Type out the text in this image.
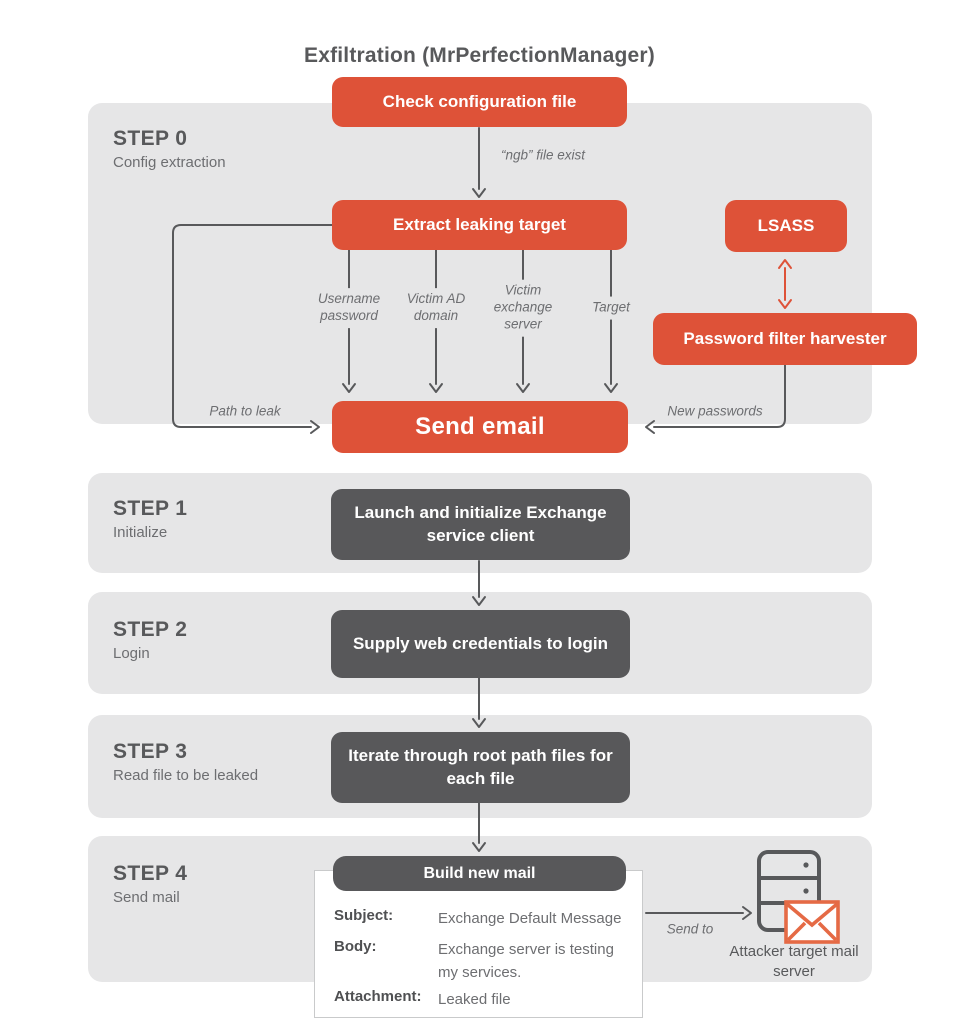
Exfiltration (MrPerfectionManager)
STEP 0
Config extraction
STEP 1
Initialize
STEP 2
Login
STEP 3
Read file to be leaked
STEP 4
Send mail
“ngb” file exist
Username password
Victim AD domain
Victim exchange server
Target
Path to leak	New passwords
Send to
Check configuration file
Extract leaking target	LSASS
Password filter harvester
Send email
Launch and initialize Exchange service client
Supply web credentials to login
Iterate through root path files for each file
Subject:	Exchange Default Message
Body:	Exchange server is testing my services.
Attachment:	Leaked file
Build new mail
Attacker target mail server
